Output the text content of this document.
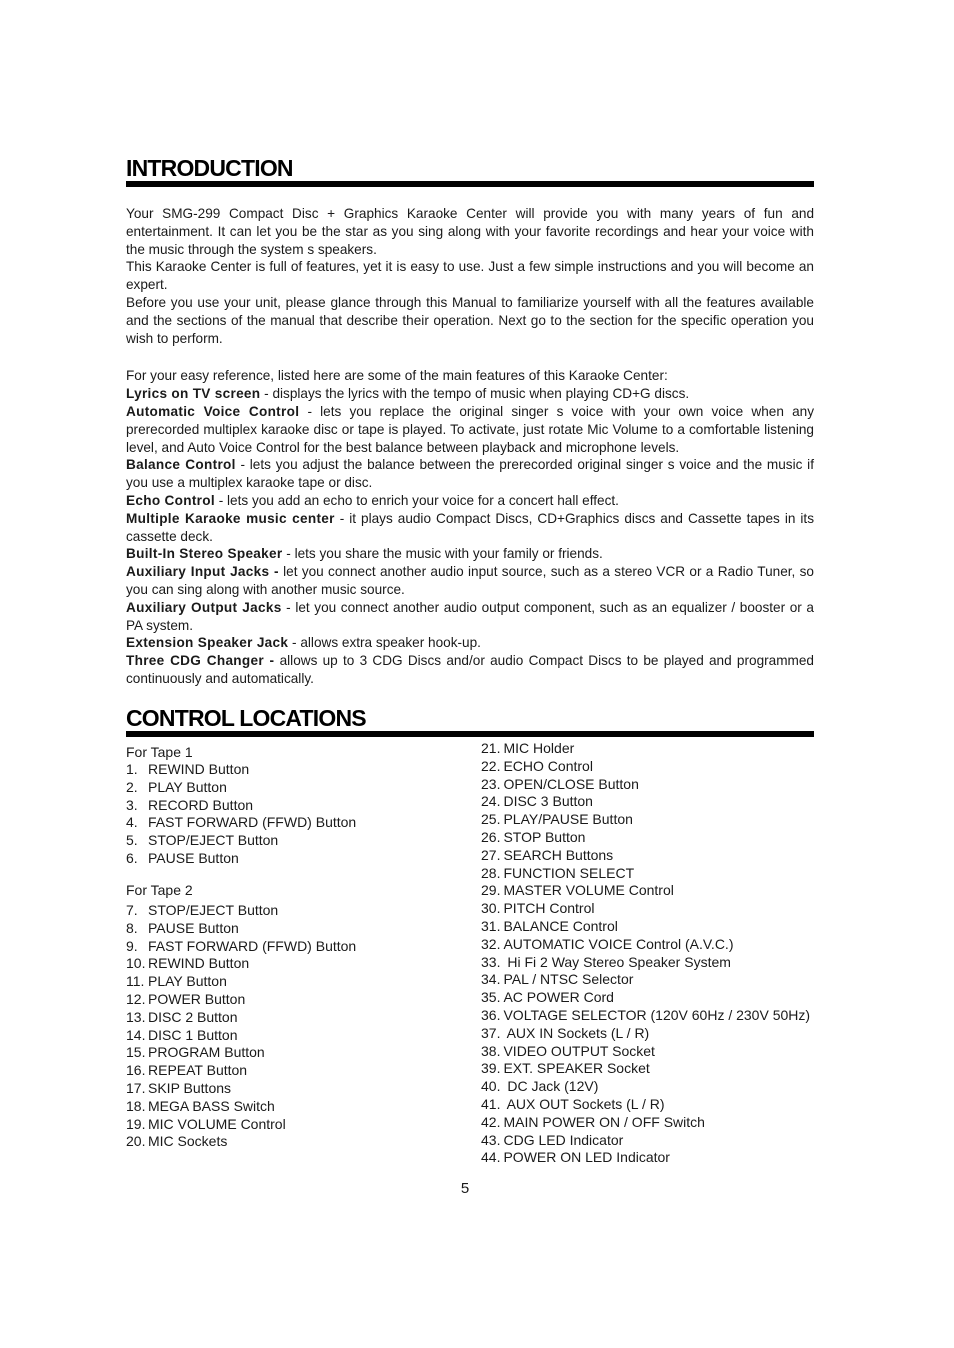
INTRODUCTION

Your SMG-299 Compact Disc + Graphics Karaoke Center will provide you with many years of fun and entertainment. It can let you be the star as you sing along with your favorite recordings and hear your voice with the music through the system s speakers.

This Karaoke Center is full of features, yet it is easy to use. Just a few simple instructions and you will become an expert.

Before you use your unit, please glance through this Manual to familiarize yourself with all the features available and the sections of the manual that describe their operation. Next go to the section for the specific operation you wish to perform.

For your easy reference, listed here are some of the main features of this Karaoke Center:

Lyrics on TV screen - displays the lyrics with the tempo of music when playing CD+G discs.

Automatic Voice Control - lets you replace the original singer s voice with your own voice when any prerecorded multiplex karaoke disc or tape is played. To activate, just rotate Mic Volume to a comfortable listening level, and Auto Voice Control for the best balance between playback and microphone levels.

Balance Control - lets you adjust the balance between the prerecorded original singer s voice and the music if you use a multiplex karaoke tape or disc.

Echo Control - lets you add an echo to enrich your voice for a concert hall effect.

Multiple Karaoke music center - it plays audio Compact Discs, CD+Graphics discs and Cassette tapes in its cassette deck.

Built-In Stereo Speaker - lets you share the music with your family or friends.

Auxiliary Input Jacks - let you connect another audio input source, such as a stereo VCR or a Radio Tuner, so you can sing along with another music source.

Auxiliary Output Jacks - let you connect another audio output component, such as an equalizer / booster or a PA system.

Extension Speaker Jack - allows extra speaker hook-up.

Three CDG Changer - allows up to 3 CDG Discs and/or audio Compact Discs to be played and programmed continuously and automatically.

CONTROL LOCATIONS
For Tape 1
1. REWIND Button
2. PLAY Button
3. RECORD Button
4. FAST FORWARD (FFWD) Button
5. STOP/EJECT Button
6. PAUSE Button
For Tape 2
7. STOP/EJECT Button
8. PAUSE Button
9. FAST FORWARD (FFWD) Button
10. REWIND Button
11. PLAY Button
12. POWER Button
13. DISC 2 Button
14. DISC 1 Button
15. PROGRAM Button
16. REPEAT Button
17. SKIP Buttons
18. MEGA BASS Switch
19. MIC VOLUME Control
20. MIC Sockets
21. MIC Holder
22. ECHO Control
23. OPEN/CLOSE Button
24. DISC 3 Button
25. PLAY/PAUSE Button
26. STOP Button
27. SEARCH Buttons
28. FUNCTION SELECT
29. MASTER VOLUME Control
30. PITCH Control
31. BALANCE Control
32. AUTOMATIC VOICE Control (A.V.C.)
33. Hi Fi 2 Way Stereo Speaker System
34. PAL / NTSC Selector
35. AC POWER Cord
36. VOLTAGE SELECTOR (120V 60Hz / 230V 50Hz)
37. AUX IN Sockets (L / R)
38. VIDEO OUTPUT Socket
39. EXT. SPEAKER Socket
40. DC Jack (12V)
41. AUX OUT Sockets (L / R)
42. MAIN POWER ON / OFF Switch
43. CDG LED Indicator
44. POWER ON LED Indicator
5
